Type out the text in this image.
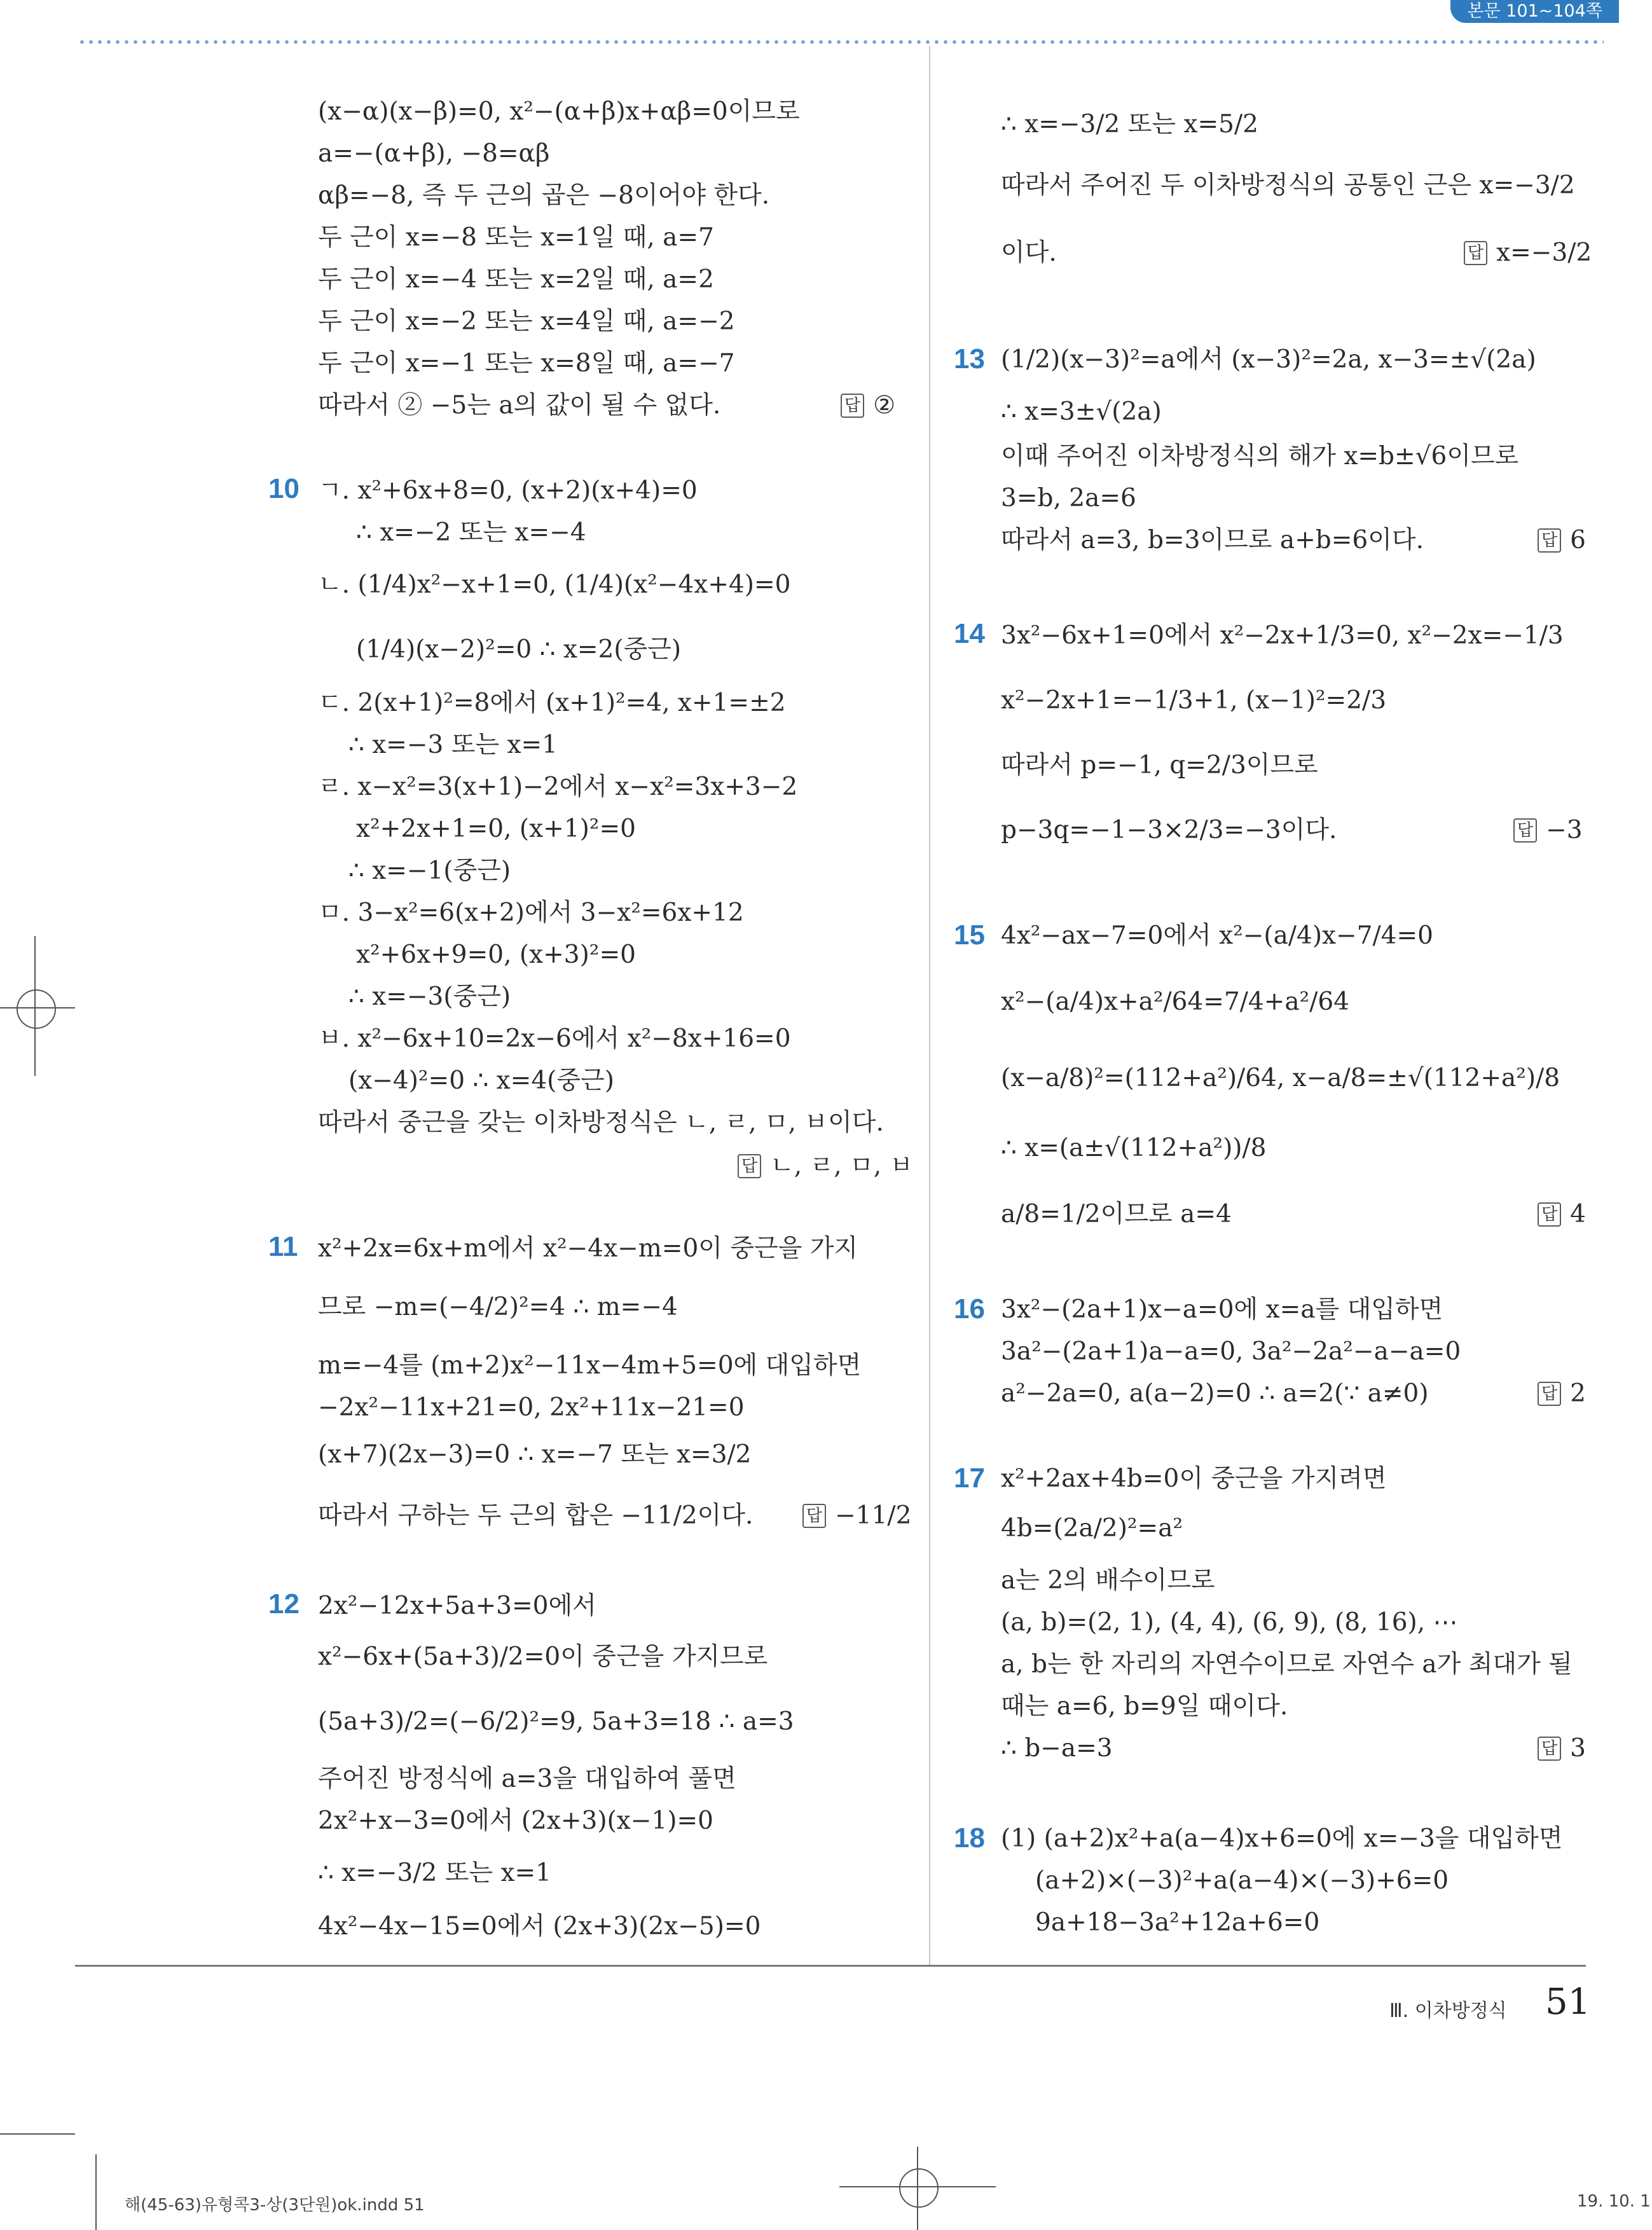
본문 101~104쪽
(x−α)(x−β)=0, x²−(α+β)x+αβ=0이므로
a=−(α+β), −8=αβ
αβ=−8, 즉 두 근의 곱은 −8이어야 한다.
두 근이 x=−8 또는 x=1일 때, a=7
두 근이 x=−4 또는 x=2일 때, a=2
두 근이 x=−2 또는 x=4일 때, a=−2
두 근이 x=−1 또는 x=8일 때, a=−7
따라서 ② −5는 a의 값이 될 수 없다.	답 ②
10 ㄱ. x²+6x+8=0, (x+2)(x+4)=0
∴ x=−2 또는 x=−4
ㄴ. (1/4)x²−x+1=0, (1/4)(x²−4x+4)=0
(1/4)(x−2)²=0 ∴ x=2(중근)
ㄷ. 2(x+1)²=8에서 (x+1)²=4, x+1=±2
∴ x=−3 또는 x=1
ㄹ. x−x²=3(x+1)−2에서 x−x²=3x+3−2
x²+2x+1=0, (x+1)²=0
∴ x=−1(중근)
ㅁ. 3−x²=6(x+2)에서 3−x²=6x+12
x²+6x+9=0, (x+3)²=0
∴ x=−3(중근)
ㅂ. x²−6x+10=2x−6에서 x²−8x+16=0
(x−4)²=0 ∴ x=4(중근)
따라서 중근을 갖는 이차방정식은 ㄴ, ㄹ, ㅁ, ㅂ이다.
답 ㄴ, ㄹ, ㅁ, ㅂ
11 x²+2x=6x+m에서 x²−4x−m=0이 중근을 가지
므로 −m=(−4/2)²=4 ∴ m=−4
m=−4를 (m+2)x²−11x−4m+5=0에 대입하면
−2x²−11x+21=0, 2x²+11x−21=0
(x+7)(2x−3)=0 ∴ x=−7 또는 x=3/2
따라서 구하는 두 근의 합은 −11/2이다.	답 −11/2
12 2x²−12x+5a+3=0에서
x²−6x+(5a+3)/2=0이 중근을 가지므로
(5a+3)/2=(−6/2)²=9, 5a+3=18 ∴ a=3
주어진 방정식에 a=3을 대입하여 풀면
2x²+x−3=0에서 (2x+3)(x−1)=0
∴ x=−3/2 또는 x=1
4x²−4x−15=0에서 (2x+3)(2x−5)=0
∴ x=−3/2 또는 x=5/2
따라서 주어진 두 이차방정식의 공통인 근은 x=−3/2
이다.	답 x=−3/2
13 (1/2)(x−3)²=a에서 (x−3)²=2a, x−3=±√(2a)
∴ x=3±√(2a)
이때 주어진 이차방정식의 해가 x=b±√6이므로
3=b, 2a=6
따라서 a=3, b=3이므로 a+b=6이다.	답 6
14 3x²−6x+1=0에서 x²−2x+1/3=0, x²−2x=−1/3
x²−2x+1=−1/3+1, (x−1)²=2/3
따라서 p=−1, q=2/3이므로
p−3q=−1−3×2/3=−3이다.	답 −3
15 4x²−ax−7=0에서 x²−(a/4)x−7/4=0
x²−(a/4)x+a²/64=7/4+a²/64
(x−a/8)²=(112+a²)/64, x−a/8=±√(112+a²)/8
∴ x=(a±√(112+a²))/8
a/8=1/2이므로 a=4	답 4
16 3x²−(2a+1)x−a=0에 x=a를 대입하면
3a²−(2a+1)a−a=0, 3a²−2a²−a−a=0
a²−2a=0, a(a−2)=0 ∴ a=2(∵ a≠0)	답 2
17 x²+2ax+4b=0이 중근을 가지려면
4b=(2a/2)²=a²
a는 2의 배수이므로
(a, b)=(2, 1), (4, 4), (6, 9), (8, 16), ⋯
a, b는 한 자리의 자연수이므로 자연수 a가 최대가 될
때는 a=6, b=9일 때이다.
∴ b−a=3	답 3
18 (1) (a+2)x²+a(a−4)x+6=0에 x=−3을 대입하면
(a+2)×(−3)²+a(a−4)×(−3)+6=0
9a+18−3a²+12a+6=0
Ⅲ. 이차방정식 51
해(45-63)유형콕3-상(3단원)ok.indd 51	19. 10. 1
